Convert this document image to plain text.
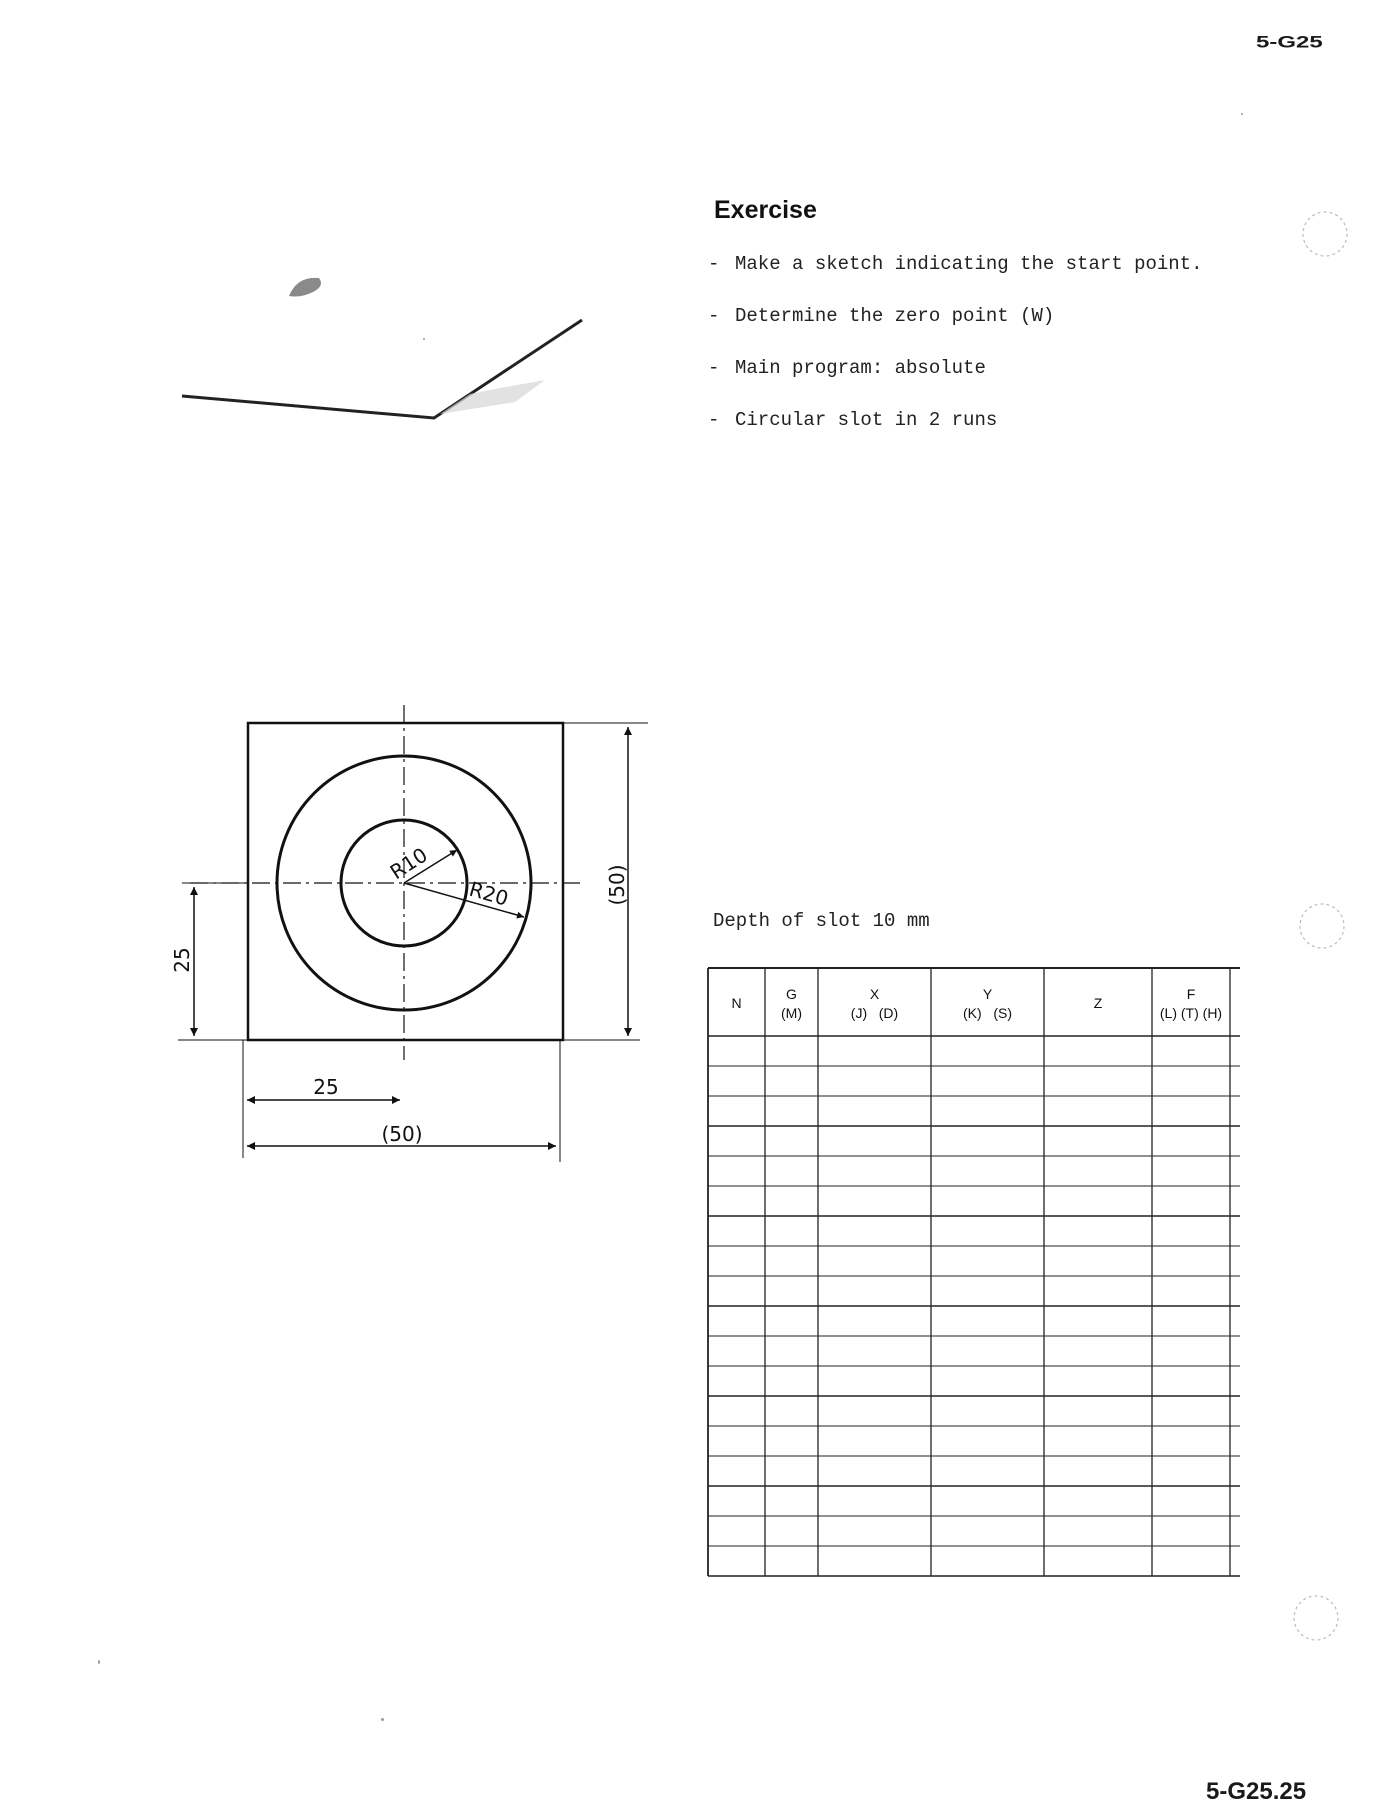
5-G25
R10
R20	(50)
25
25
(50)
N
G
(M)
X
(J)   (D)
Y
(K)   (S)
Z
F
(L) (T) (H)
Exercise
- Make a sketch indicating the start point.
- Determine the zero point (W)
- Main program: absolute
- Circular slot in 2 runs
Depth of slot 10 mm
5-G25.25
